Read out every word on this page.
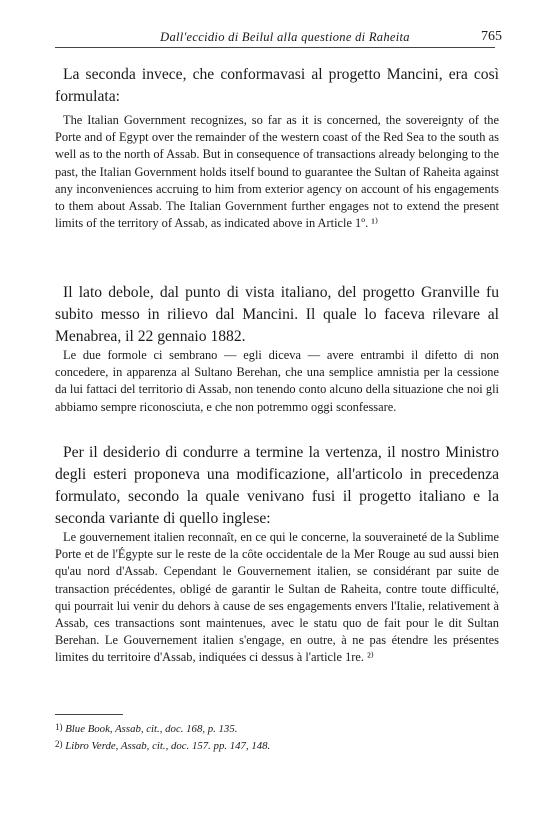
Dall'eccidio di Beilul alla questione di Raheita	765

La seconda invece, che conformavasi al progetto Mancini, era così formulata:

The Italian Government recognizes, so far as it is concerned, the sovereignty of the Porte and of Egypt over the remainder of the western coast of the Red Sea to the south as well as to the north of Assab. But in consequence of transactions already belonging to the past, the Italian Government holds itself bound to guarantee the Sultan of Raheita against any inconveniences accruing to him from exterior agency on account of his engagements to them about Assab. The Italian Government further engages not to extend the present limits of the territory of Assab, as indicated above in Article 1º. ¹⁾

Il lato debole, dal punto di vista italiano, del progetto Granville fu subito messo in rilievo dal Mancini. Il quale lo faceva rilevare al Menabrea, il 22 gennaio 1882.

Le due formole ci sembrano — egli diceva — avere entrambi il difetto di non concedere, in apparenza al Sultano Berehan, che una semplice amnistia per la cessione da lui fattaci del territorio di Assab, non tenendo conto alcuno della situazione che noi gli abbiamo sempre riconosciuta, e che non potremmo oggi sconfessare.

Per il desiderio di condurre a termine la vertenza, il nostro Ministro degli esteri proponeva una modificazione, all'articolo in precedenza formulato, secondo la quale venivano fusi il progetto italiano e la seconda variante di quello inglese:

Le gouvernement italien reconnaît, en ce qui le concerne, la souveraineté de la Sublime Porte et de l'Égypte sur le reste de la côte occidentale de la Mer Rouge au sud aussi bien qu'au nord d'Assab. Cependant le Gouvernement italien, se considérant par suite de transaction précédentes, obligé de garantir le Sultan de Raheita, contre toute difficulté, qui pourrait lui venir du dehors à cause de ses engagements envers l'Italie, relativement à Assab, ces transactions sont maintenues, avec le statu quo de fait pour le dit Sultan Berehan. Le Gouvernement italien s'engage, en outre, à ne pas étendre les présentes limites du territoire d'Assab, indiquées ci dessus à l'article 1re. ²⁾

1) Blue Book, Assab, cit., doc. 168, p. 135.
2) Libro Verde, Assab, cit., doc. 157. pp. 147, 148.
